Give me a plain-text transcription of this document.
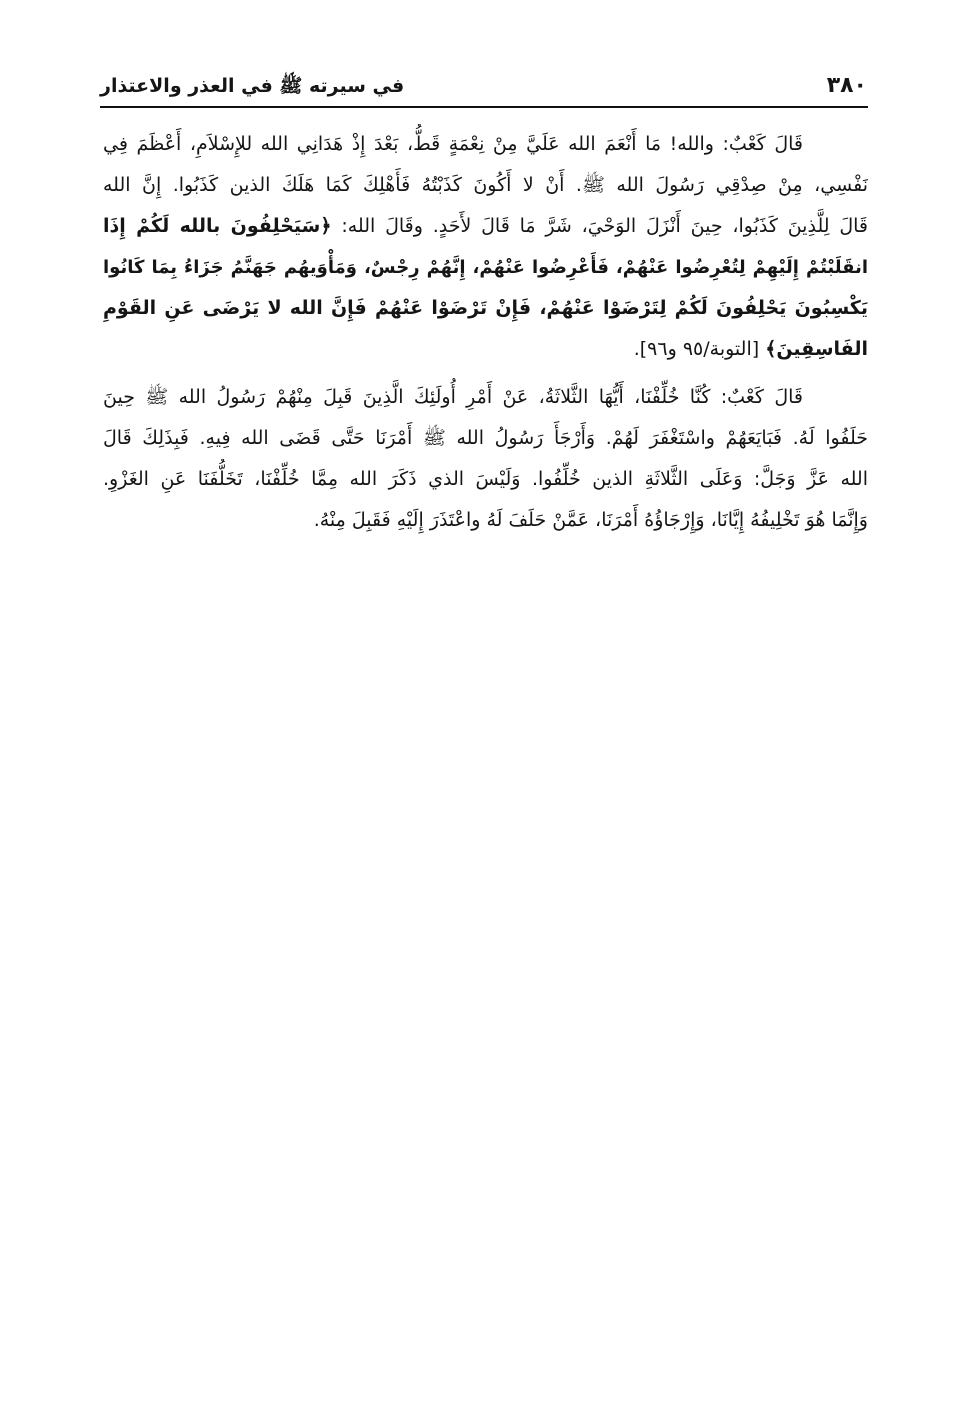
٣٨٠
في سيرته ﷺ في العذر والاعتذار
قَالَ كَعْبٌ: والله! مَا أَنْعَمَ الله عَلَيَّ مِنْ نِعْمَةٍ قَطُّ، بَعْدَ إِذْ هَدَانِي الله للإِسْلاَمِ، أَعْظَمَ فِي
نَفْسِي، مِنْ صِدْقِي رَسُولَ الله ﷺ. أَنْ لا أَكُونَ كَذَبْتُهُ فَأَهْلِكَ كَمَا هَلَكَ الذين كَذَبُوا. إِنَّ الله
قَالَ لِلَّذِينَ كَذَبُوا، حِينَ أَنْزَلَ الوَحْيَ، شَرَّ مَا قَالَ لأَحَدٍ. وقَالَ الله: ﴿سَيَحْلِفُونَ بالله لَكُمْ إِذَا
انقَلَبْتُمْ إِلَيْهِمْ لِتُعْرِضُوا عَنْهُمْ، فَأَعْرِضُوا عَنْهُمْ، إِنَّهُمْ رِجْسٌ، وَمَأْوَيهُم جَهَنَّمُ جَزَاءُ بِمَا كَانُوا
يَكْسِبُونَ يَحْلِفُونَ لَكُمْ لِتَرْضَوْا عَنْهُمْ، فَإِنْ تَرْضَوْا عَنْهُمْ فَإِنَّ الله لا يَرْضَى عَنِ القَوْمِ
الفَاسِقِينَ﴾ [التوبة/٩٥ و٩٦].
قَالَ كَعْبٌ: كُنَّا خُلِّفْنَا، أَيُّهَا الثَّلاثَةُ، عَنْ أَمْرِ أُولَئِكَ الَّذِينَ قَبِلَ مِنْهُمْ رَسُولُ الله ﷺ حِينَ
حَلَفُوا لَهُ. فَبَايَعَهُمْ واسْتَغْفَرَ لَهُمْ. وَأَرْجَأَ رَسُولُ الله ﷺ أَمْرَنَا حَتَّى قَضَى الله فِيهِ. فَبِذَلِكَ قَالَ
الله عَزَّ وَجَلَّ: وَعَلَى الثَّلاثَةِ الذين خُلِّفُوا. وَلَيْسَ الذي ذَكَرَ الله مِمَّا خُلِّفْنَا، تَخَلُّفَنَا عَنِ الغَزْوِ.
وَإِنَّمَا هُوَ تَخْلِيفُهُ إِيَّانَا، وَإِرْجَاؤُهُ أَمْرَنَا، عَمَّنْ حَلَفَ لَهُ واعْتَذَرَ إِلَيْهِ فَقَبِلَ مِنْهُ.
